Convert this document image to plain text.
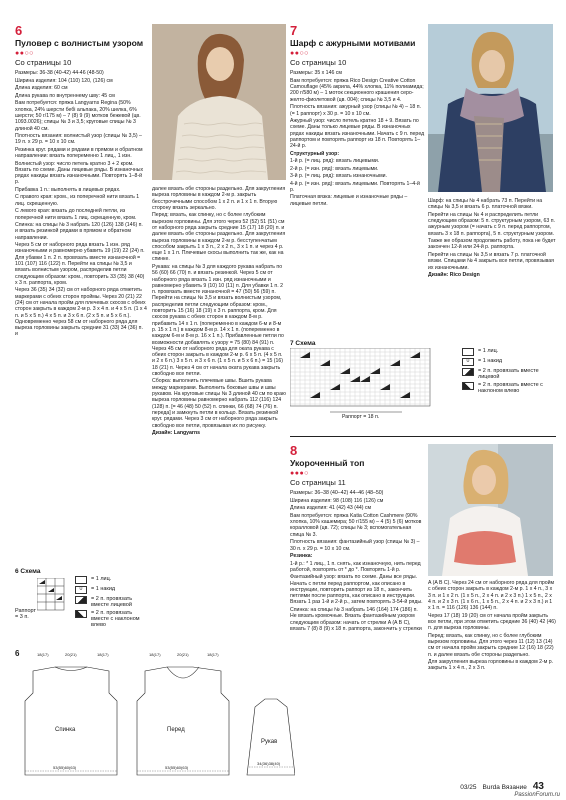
6
Пуловер с волнистым узором
●●○○
Со страницы 10

Размеры: 36-38 (40-42) 44-46 (48-50)

Ширина изделия: 104 (110) 120, (126) см

Длина изделия: 60 см

Длина рукава по внутреннему шву: 45 см

Вам потребуется: пряжа Langyarns Regina (50% хлопка, 24% шерсти бебі альпака, 20% шелка, 6% шерсти; 50 г/175 м) – 7 (8) 9 (9) мотков бежевой (цв. 1093.0026); спицы № 3 и 3,5; круговые спицы № 3 длиной 40 см.

Плотность вязания: волнистый узор (спицы № 3,5) – 19 п. х 29 р. = 10 х 10 см.

Резинка круг. рядами и рядами в прямом и обратном направлении: вязать попеременно 1 лиц., 1 изн.

Волнистый узор: число петель кратно 3 + 2 кром. Вязать по схеме. Даны лицевые ряды. В изнаночных рядах накиды вязать изнаночными. Повторять 1–8-й р.

Прибавка 1 п.: выполнять в лицевых рядах.

С правого края: кром., из поперечной нити вязать 1 лиц. скрещенную.

С левого края: вязать до последней петли, из поперечной нити вязать 1 лиц. скрещенную, кром.

Спинка: на спицы № 3 набрать 120 (126) 138 (146) п. и вязать резинкой рядами в прямом и обратном направлении.

Через 5 см от наборного ряда вязать 1 изн. ряд изнаночными и равномерно убавить 19 (19) 22 (24) п. Для убавки 1 п. 2 п. провязать вместе изнаночной = 101 (107) 116 (122) п. Перейти на спицы № 3,5 и вязать волнистым узором, распределив петли следующим образом: кром., повторить 33 (35) 38 (40) х 3 п. раппорта, кром.

Через 36 (35) 34 (32) см от наборного ряда отметить маркерами с обеих сторон проймы. Через 20 (21) 22 (24) см от начала пройм для плечевых скосов с обеих сторон закрыть в каждом 2-м р. 3 х 4 п. и 4 х 5 п. (1 х 4 п. и 5 х 5 п.) 4 х 5 п. и 3 х 6 п. (2 х 5 п. и 5 х 6 п.). Одновременно через 58 см от наборного ряда для выреза горловины закрыть средние 31 (33) 34 (36) п. и

6 Схема
Раппорт = 3 п.
= 1 лиц.
∪	= 1 накид
= 2 п. провязать вместе лицевой
= 2 п. провязать вместе с наклоном влево
6
Спинка	Перед
Рукав
53(55)60(63)	53(55)60(63)
34(36)38(40)
18(17)	20(21)	18(17)	18(17)	20(21)	18(17)

далее вязать обе стороны раздельно. Для закругления выреза горловины в каждом 2-м р. закрыть бесстрочечными способом 1 х 2 п. и 1 х 1 п. Вторую сторону вязать зеркально.

Перед: вязать, как спинку, но с более глубоким вырезом горловины. Для этого через 52 (52) 51 (51) см от наборного ряда закрыть средние 15 (17) 18 (20) п. и далее вязать обе стороны раздельно. Для закругления выреза горловины в каждом 2-м р. бесступенчатым способом закрыть 1 х 3 п., 2 х 2 п., 3 х 1 п. и через 4 р. еще 1 х 1 п. Плечевые скосы выполнить так же, как на спинке.

Рукава: на спицы № 3 для каждого рукава набрать по 56 (60) 66 (70) п. и вязать резинкой. Через 5 см от наборного ряда вязать 1 изн. ряд изнаночными и равномерно убавить 9 (10) 10 (11) п. Для убавки 1 п. 2 п. провязать вместе изнаночной = 47 (50) 56 (59) п. Перейти на спицы № 3,5 и вязать волнистым узором, распределив петли следующим образом: кром., повторить 15 (16) 18 (19) х 3 п. раппорта, кром. Для скосов рукава с обеих сторон в каждом 8-м р. прибавить 14 х 1 п. (попеременно в каждом 6-м и 8-м р. 15 х 1 п.) в каждом 8-м р. 14 х 1 п. (попеременно в каждом 6-м и 8-м р. 16 х 1 п.). Прибавленные петли по возможности добавлять к узору = 75 (80) 84 (91) п. Через 45 см от наборного ряда для окатa рукава с обеих сторон закрыть в каждом 2-м р. 6 х 5 п. (4 х 5 п. и 2 х 6 п.) 3 х 5 п. и 3 х 6 п. (1 х 5 п. и 5 х 6 п.) = 15 (16) 18 (21) п. Через 4 см от начала окатa рукава закрыть свободно все петли.

Сборка: выполнить плечевые швы. Вшить рукава между маркерами. Выполнить боковые швы и швы рукавов. На круговые спицы № 3 длиной 40 см по краю выреза горловины равномерно набрать 112 (116) 124 (128) п. [= 46 (48) 50 (52) п. спинки, 66 (68) 74 (76) п. переда] и замкнуть петли в кольцо. Вязать резинкой круг. рядами. Через 3 см от наборного ряда закрыть свободно все петли, провязывая их по рисунку.

Дизайн: Langyarns

7
Шарф с ажурными мотивами
●●○○
Со страницы 10

Размеры: 35 х 146 см

Вам потребуется: пряжа Rico Design Creative Cotton Camouflage (45% акрила, 44% хлопка, 11% полиамида; 200 г/580 м) – 1 моток секционного крашения серо-желто-фиолетовой (цв. 004); спицы № 3,5 и 4.

Плотность вязания: ажурный узор (спицы № 4) – 18 п. (= 1 раппорт) х 30 р. = 10 х 10 см.

Ажурный узор: число петель кратно 18 + 9. Вязать по схеме. Даны только лицевые ряды. В изнаночных рядах накиды вязать изнаночными. Начать с 9 п. перед раппортом и повторять раппорт из 18 п. Повторять 1–24-й р.

Структурный узор:

1-й р. (= лиц. ряд): вязать лицевыми.

2-й р. (= изн. ряд): вязать лицевыми.

3-й р. (= лиц. ряд): вязать изнаночными.

4-й р. (= изн. ряд): вязать лицевыми. Повторять 1–4-й р.

Платочная вязка: лицевые и изнаночные ряды – лицевые петли.

7 Схема
Раппорт = 18 п.

Шарф: на спицы № 4 набрать 73 п. Перейти на спицы № 3,5 и вязать 6 р. платочной вязки.

Перейти на спицы № 4 и распределить петли следующим образом: 5 п. структурным узором, 63 п. ажурным узором (= начать с 9 п. перед раппортом, вязать 3 х 18 п. раппорта), 5 п. структурным узором.

Также же образом продолжить работу, пока не будет закончен 12-й или 24-й р. раппорта.

Перейти на спицы № 3,5 и вязать 7 р. платочной вязки. Спицами № 4 закрыть все петли, провязывая их изнаночными.

Дизайн: Rico Design

= 1 лиц.
∪	= 1 накид
= 2 п. провязать вместе лицевой
= 2 п. провязать вместе с наклоном влево
8
Укороченный топ
●●●○
Со страницы 11

Размеры: 36–38 (40–42) 44–46 (48–50)

Ширина изделия: 98 (108) 116 (126) см

Длина изделия: 41 (42) 43 (44) см

Вам потребуется: пряжа Katia Cotton Cashmere (90% хлопка, 10% кашемира; 50 г/155 м) – 4 (5) 5 (6) мотков коралловой (цв. 72); спицы № 3; вспомогательная спица № 3.

Плотность вязания: фантазийный узор (спицы № 3) – 30 п. х 29 р. = 10 х 10 см.

Резинка:

1-й р.: * 1 лиц., 1 п. снять, как изнаночную, нить перед работой, повторять от * до *. Повторять 1-й р.

Фантазийный узор: вязать по схеме. Даны все ряды. Начать с петли перед раппортом, как описано в инструкции, повторить раппорт из 18 п., закончить петлями после раппорта, как описано в инструкции. Вязать 1 раз 1-й и 2-й р., затем повторять 3-54-й ряды.

Спинка: на спицы № 3 набрать 146 (164) 174 (186) п. Не вязать кромочные. Вязать фантазийным узором следующим образом: начать от стрелки A (A B C), вязать 7 (8) 8 (9) х 18 п. раппорта, закончить у стрелки

A (A B C). Через 24 см от наборного ряда для пройм с обеих сторон закрыть в каждом 2-м р. 1 х 4 п., 3 х 3 п. и 1 х 2 п. (1 х 5 п., 2 х 4 п. и 2 х 3 п.) 1 х 5 п., 2 х 4 п. и 2 х 3 п. (1 х 6 п., 1 х 5 п., 2 х 4 п. и 2 х 3 п.) и 1 х 1 п. = 116 (126) 136 (144) п.

Через 17 (18) 19 (20) см от начала пройм закрыть все петли, при этом отметить средние 36 (40) 42 (46) п. для выреза горловины.

Перед: вязать, как спинку, но с более глубоким вырезом горловины. Для этого через 11 (12) 13 (14) см от начала пройм закрыть средние 12 (16) 18 (22) п. и далее вязать обе стороны раздельно.

Для закругления выреза горловины в каждом 2-м р. закрыть 1 х 4 п., 2 х 3 п.

03/25 Burda Вязание 43
PassionForum.ru
